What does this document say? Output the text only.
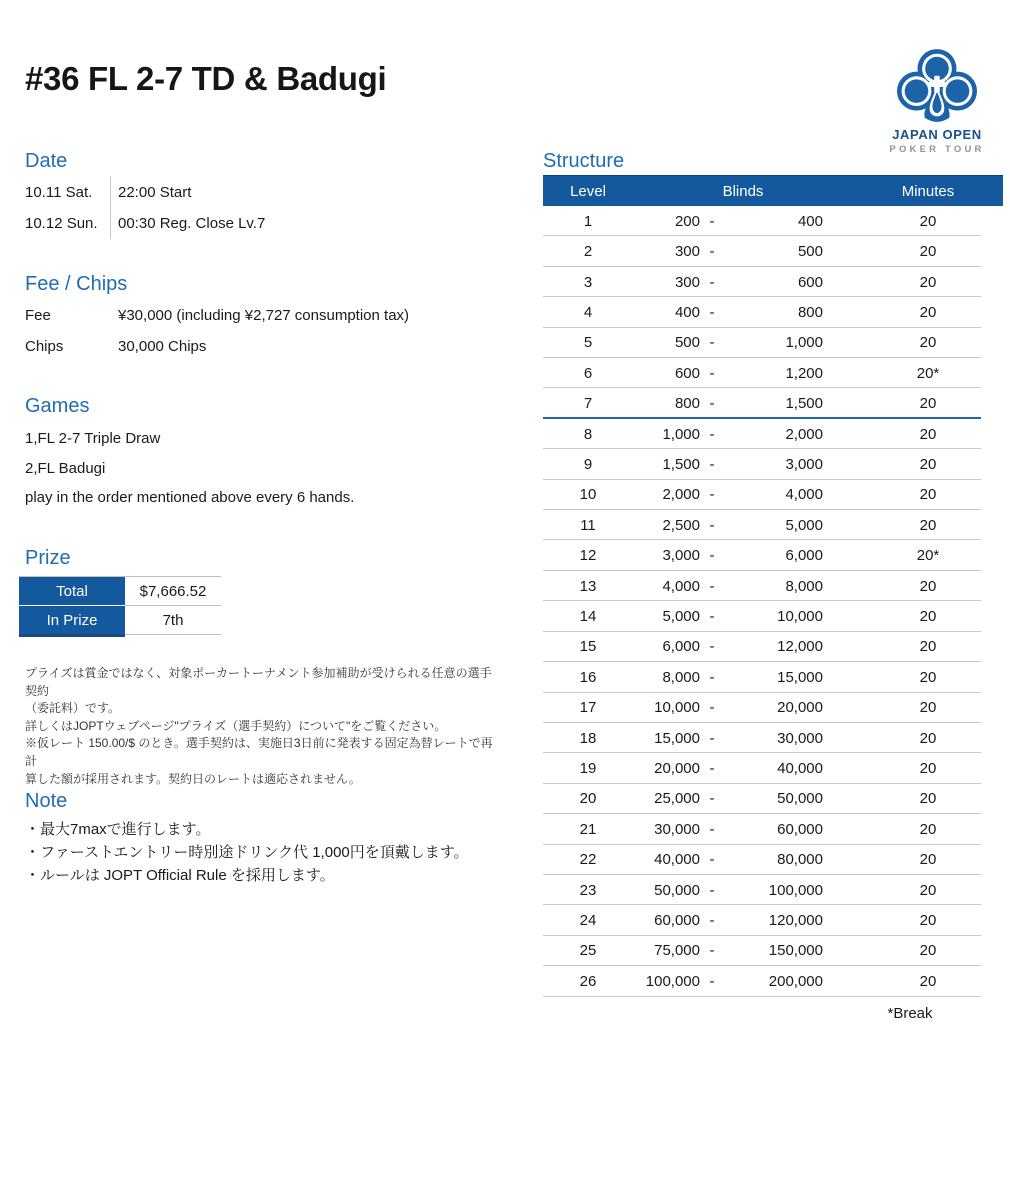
#36 FL 2-7 TD & Badugi
JAPAN OPEN
POKER TOUR
Date
10.11 Sat.	22:00 Start
10.12 Sun.	00:30 Reg. Close Lv.7
Fee / Chips
Fee	¥30,000 (including ¥2,727 consumption tax)
Chips	30,000 Chips
Games
1,FL 2-7 Triple Draw
2,FL Badugi
play in the order mentioned above every 6 hands.
Prize
Total	$7,666.52
In Prize	7th
プライズは賞金ではなく、対象ポーカートーナメント参加補助が受けられる任意の選手契約
（委託料）です。
詳しくはJOPTウェブページ"プライズ（選手契約）について"をご覧ください。
※仮レート 150.00/$ のとき。選手契約は、実施日3日前に発表する固定為替レートで再計
算した額が採用されます。契約日のレートは適応されません。
Note
・最大7maxで進行します。
・ファーストエントリー時別途ドリンク代 1,000円を頂戴します。
・ルールは JOPT Official Rule を採用します。
Structure
Level	Blinds	Minutes
1	200 -	400	20
2	300 -	500	20
3	300 -	600	20
4	400 -	800	20
5	500 -	1,000	20
6	600 -	1,200	20*
7	800 -	1,500	20
8	1,000 -	2,000	20
9	1,500 -	3,000	20
10	2,000 -	4,000	20
11	2,500 -	5,000	20
12	3,000 -	6,000	20*
13	4,000 -	8,000	20
14	5,000 -	10,000	20
15	6,000 -	12,000	20
16	8,000 -	15,000	20
17	10,000 -	20,000	20
18	15,000 -	30,000	20
19	20,000 -	40,000	20
20	25,000 -	50,000	20
21	30,000 -	60,000	20
22	40,000 -	80,000	20
23	50,000 -	100,000	20
24	60,000 -	120,000	20
25	75,000 -	150,000	20
26	100,000 -	200,000	20
*Break
